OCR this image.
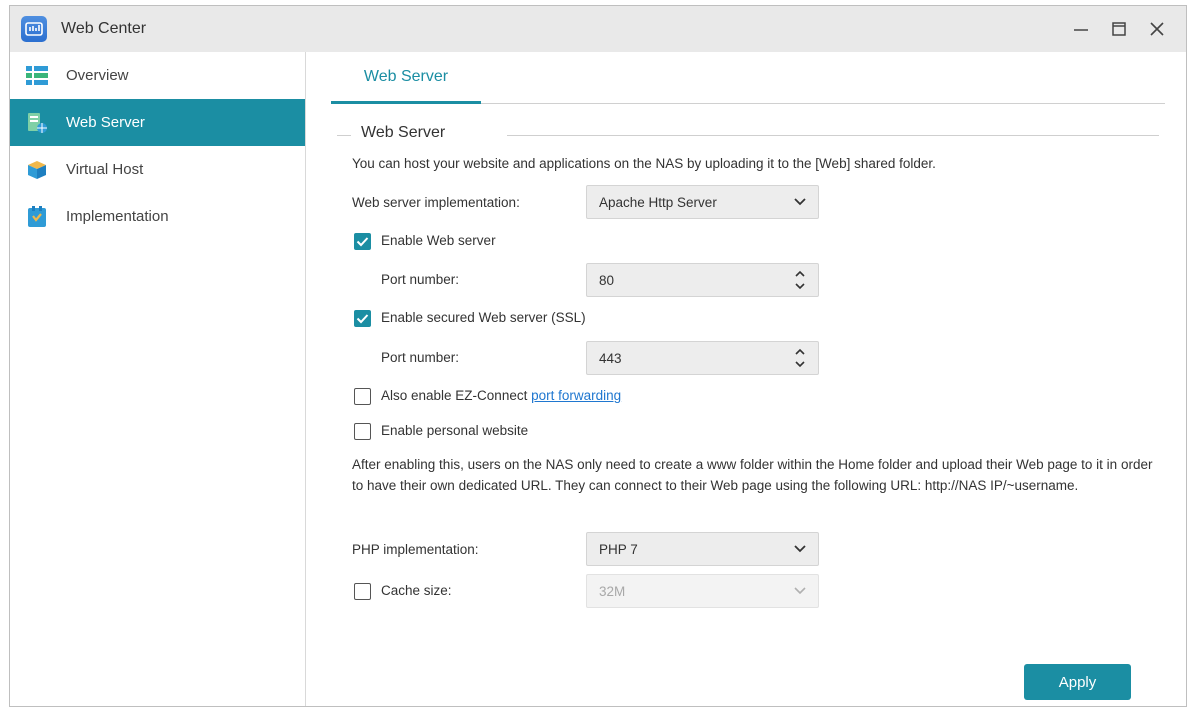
Web Center
Overview
Web Server
Virtual Host
Implementation
Web Server
Web Server
You can host your website and applications on the NAS by uploading it to the [Web] shared folder.
Web server implementation:	Apache Http Server
Enable Web server
Port number:	80
Enable secured Web server (SSL)
Port number:	443
Also enable EZ-Connect port forwarding
Enable personal website
After enabling this, users on the NAS only need to create a www folder within the Home folder and upload their Web page to it in order to have their own dedicated URL. They can connect to their Web page using the following URL: http://NAS IP/~username.
PHP implementation:	PHP 7
Cache size:	32M
Apply
